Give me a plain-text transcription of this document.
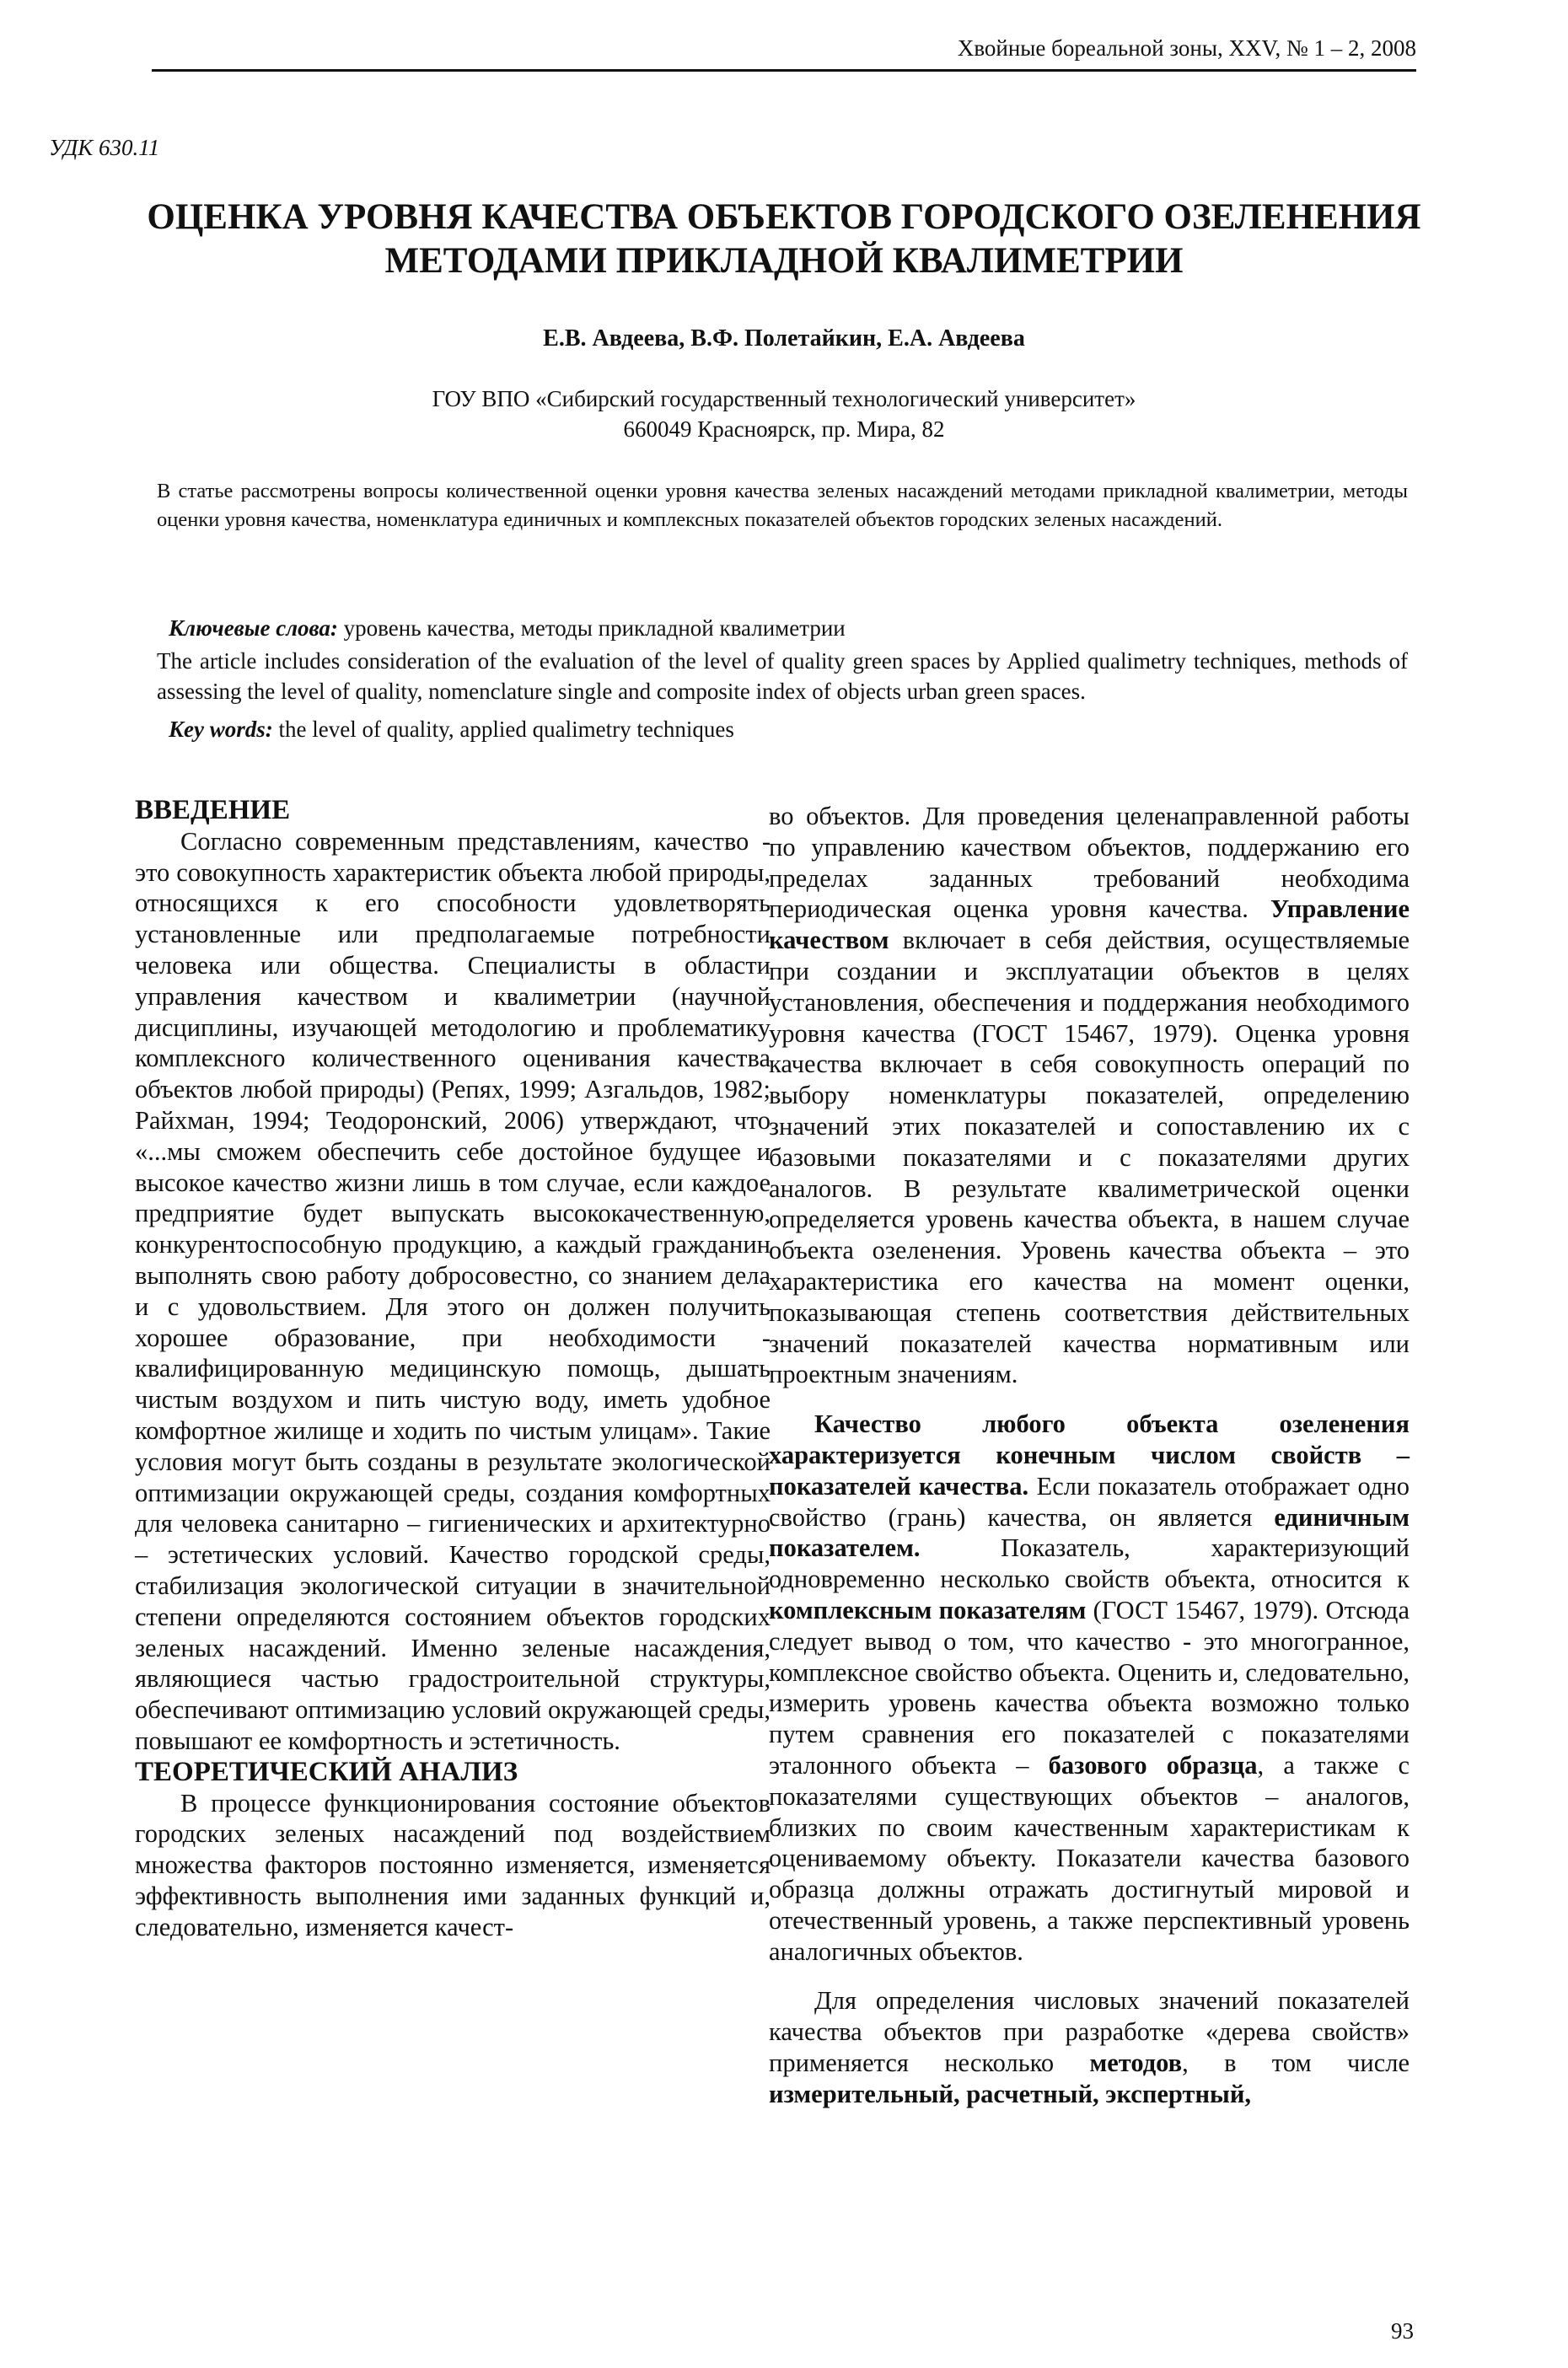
Хвойные бореальной зоны, XXV, № 1 – 2, 2008
УДК 630.11
ОЦЕНКА УРОВНЯ КАЧЕСТВА ОБЪЕКТОВ ГОРОДСКОГО ОЗЕЛЕНЕНИЯ
МЕТОДАМИ ПРИКЛАДНОЙ КВАЛИМЕТРИИ
Е.В. Авдеева, В.Ф. Полетайкин, Е.А. Авдеева
ГОУ ВПО «Сибирский государственный технологический университет»
660049 Красноярск, пр. Мира, 82
В статье рассмотрены вопросы количественной оценки уровня качества зеленых насаждений методами прикладной квалиметрии, методы оценки уровня качества, номенклатура единичных и комплексных показателей объектов городских зеленых насаждений.
Ключевые слова: уровень качества, методы прикладной квалиметрии
The article includes consideration of the evaluation of the level of quality green spaces by Applied qualimetry techniques, methods of assessing the level of quality, nomenclature single and composite index of objects urban green spaces.
Key words: the level of quality, applied qualimetry techniques

ВВЕДЕНИЕ

Согласно современным представлениям, качество - это совокупность характеристик объекта любой природы, относящихся к его способности удовлетворять установленные или предполагаемые потребности человека или общества. Специалисты в области управления качеством и квалиметрии (научной дисциплины, изучающей методологию и проблематику комплексного количественного оценивания качества объектов любой природы) (Репях, 1999; Азгальдов, 1982; Райхман, 1994; Теодоронский, 2006) утверждают, что «...мы сможем обеспечить себе достойное будущее и высокое качество жизни лишь в том случае, если каждое предприятие будет выпускать высококачественную, конкурентоспособную продукцию, а каждый гражданин выполнять свою работу добросовестно, со знанием дела и с удовольствием. Для этого он должен получить хорошее образование, при необходимости - квалифицированную медицинскую помощь, дышать чистым воздухом и пить чистую воду, иметь удобное комфортное жилище и ходить по чистым улицам». Такие условия могут быть созданы в результате экологической оптимизации окружающей среды, создания комфортных для человека санитарно – гигиенических и архитектурно – эстетических условий. Качество городской среды, стабилизация экологической ситуации в значительной степени определяются состоянием объектов городских зеленых насаждений. Именно зеленые насаждения, являющиеся частью градостроительной структуры, обеспечивают оптимизацию условий окружающей среды, повышают ее комфортность и эстетичность.

ТЕОРЕТИЧЕСКИЙ АНАЛИЗ

В процессе функционирования состояние объектов городских зеленых насаждений под воздействием множества факторов постоянно изменяется, изменяется эффективность выполнения ими заданных функций и, следовательно, изменяется качест-

во объектов. Для проведения целенаправленной работы по управлению качеством объектов, поддержанию его пределах заданных требований необходима периодическая оценка уровня качества. Управление качеством включает в себя действия, осуществляемые при создании и эксплуатации объектов в целях установления, обеспечения и поддержания необходимого уровня качества (ГОСТ 15467, 1979). Оценка уровня качества включает в себя совокупность операций по выбору номенклатуры показателей, определению значений этих показателей и сопоставлению их с базовыми показателями и с показателями других аналогов. В результате квалиметрической оценки определяется уровень качества объекта, в нашем случае объекта озеленения. Уровень качества объекта – это характеристика его качества на момент оценки, показывающая степень соответствия действительных значений показателей качества нормативным или проектным значениям.

Качество любого объекта озеленения характеризуется конечным числом свойств – показателей качества. Если показатель отображает одно свойство (грань) качества, он является единичным показателем. Показатель, характеризующий одновременно несколько свойств объекта, относится к комплексным показателям (ГОСТ 15467, 1979). Отсюда следует вывод о том, что качество - это многогранное, комплексное свойство объекта. Оценить и, следовательно, измерить уровень качества объекта возможно только путем сравнения его показателей с показателями эталонного объекта – базового образца, а также с показателями существующих объектов – аналогов, близких по своим качественным характеристикам к оцениваемому объекту. Показатели качества базового образца должны отражать достигнутый мировой и отечественный уровень, а также перспективный уровень аналогичных объектов.

Для определения числовых значений показателей качества объектов при разработке «дерева свойств» применяется несколько методов, в том числе измерительный, расчетный, экспертный,

93
